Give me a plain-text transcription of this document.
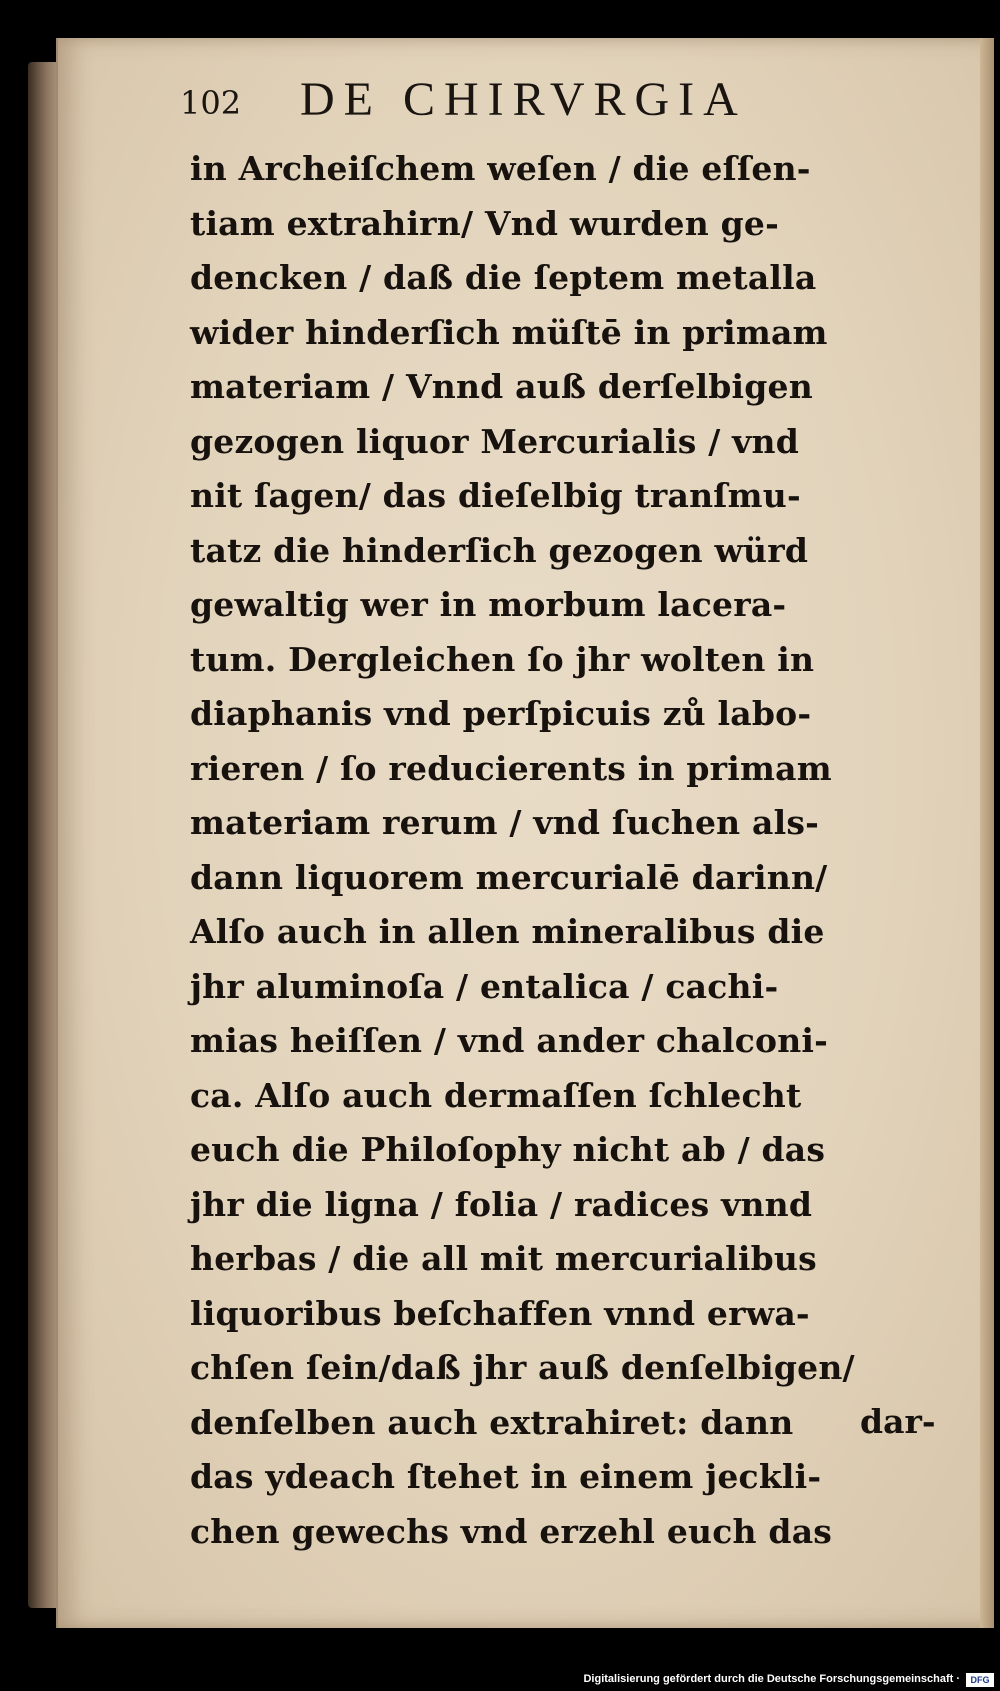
102 DE CHIRVRGIA
in Archeiſchem weſen / die eſſen-
tiam extrahirn/ Vnd wurden ge-
dencken / daß die ſeptem metalla
wider hinderſich müſtē in primam
materiam / Vnnd auß derſelbigen
gezogen liquor Mercurialis / vnd
nit ſagen/ das dieſelbig tranſmu-
tatz die hinderſich gezogen würd
gewaltig wer in morbum lacera-
tum. Dergleichen ſo jhr wolten in
diaphanis vnd perſpicuis zů labo-
rieren / ſo reducierents in primam
materiam rerum / vnd ſuchen als-
dann liquorem mercurialē darinn/
Alſo auch in allen mineralibus die
jhr aluminoſa / entalica / cachi-
mias heiſſen / vnd ander chalconi-
ca. Alſo auch dermaſſen ſchlecht
euch die Philoſophy nicht ab / das
jhr die ligna / folia / radices vnnd
herbas / die all mit mercurialibus
liquoribus beſchaffen vnnd erwa-
chſen ſein/daß jhr auß denſelbigen/
denſelben auch extrahiret: dann
das ydeach ſtehet in einem jeckli-
chen gewechs vnd erzehl euch das
dar-
Digitalisierung gefördert durch die Deutsche Forschungsgemeinschaft ·	DFG
